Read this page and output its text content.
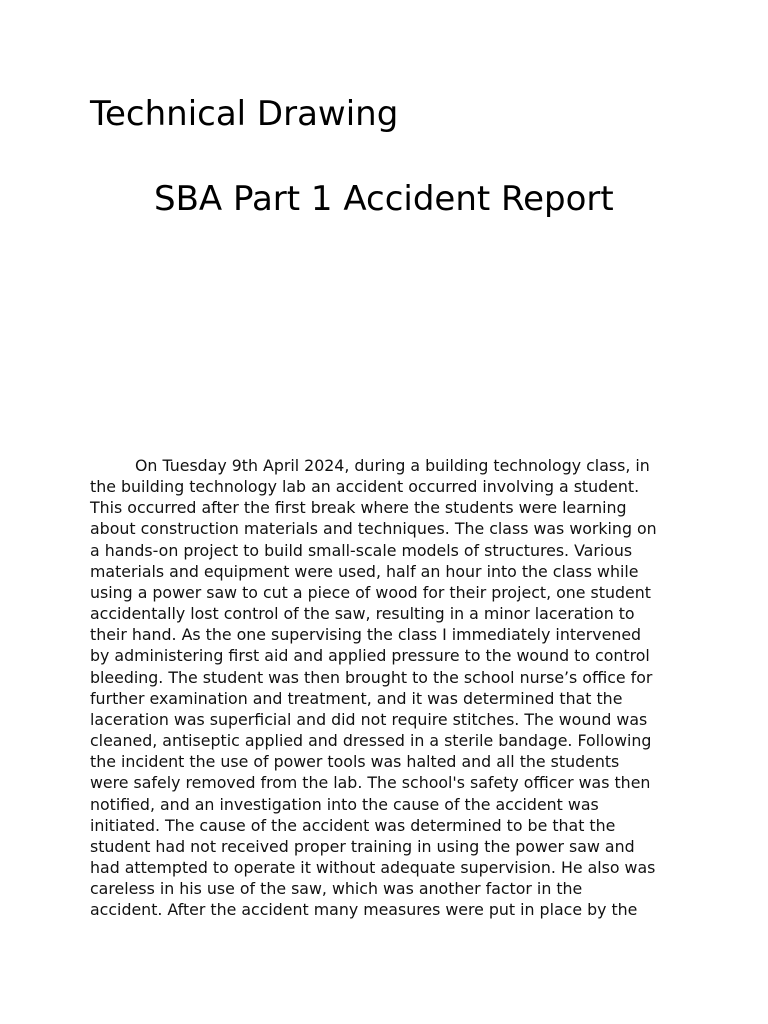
Technical Drawing
SBA Part 1 Accident Report
On Tuesday 9th April 2024, during a building technology class, in
the building technology lab an accident occurred involving a student.
This occurred after the first break where the students were learning
about construction materials and techniques. The class was working on
a hands-on project to build small-scale models of structures. Various
materials and equipment were used, half an hour into the class while
using a power saw to cut a piece of wood for their project, one student
accidentally lost control of the saw, resulting in a minor laceration to
their hand. As the one supervising the class I immediately intervened
by administering first aid and applied pressure to the wound to control
bleeding. The student was then brought to the school nurse’s office for
further examination and treatment, and it was determined that the
laceration was superficial and did not require stitches. The wound was
cleaned, antiseptic applied and dressed in a sterile bandage. Following
the incident the use of power tools was halted and all the students
were safely removed from the lab. The school's safety officer was then
notified, and an investigation into the cause of the accident was
initiated. The cause of the accident was determined to be that the
student had not received proper training in using the power saw and
had attempted to operate it without adequate supervision. He also was
careless in his use of the saw, which was another factor in the
accident. After the accident many measures were put in place by the
